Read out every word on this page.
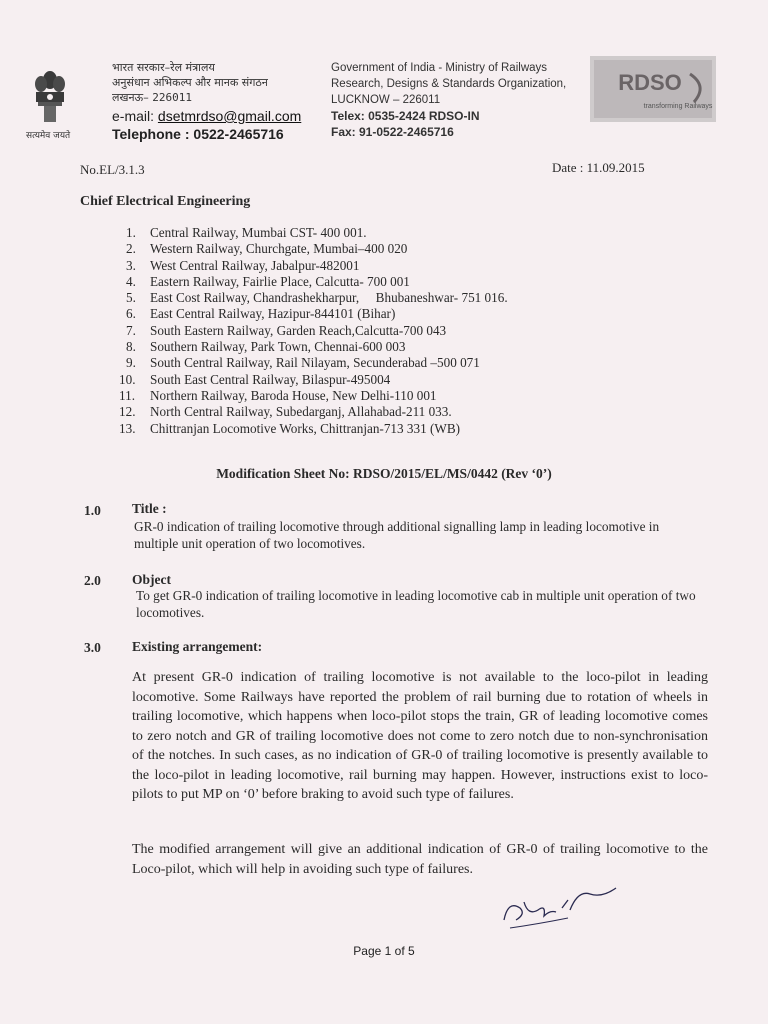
सत्यमेव जयते
भारत सरकार–रेल मंत्रालय
अनुसंधान अभिकल्प और मानक संगठन
लखनऊ– 226011
e-mail: dsetmrdso@gmail.com
Telephone : 0522-2465716
Government of India - Ministry of Railways
Research, Designs & Standards Organization,
LUCKNOW – 226011
Telex: 0535-2424 RDSO-IN
Fax: 91-0522-2465716
RDSO
transforming Railways
No.EL/3.1.3	Date : 11.09.2015
Chief Electrical Engineering
1. Central Railway, Mumbai CST- 400 001.
2. Western Railway, Churchgate, Mumbai–400 020
3. West Central Railway, Jabalpur-482001
4. Eastern Railway, Fairlie Place, Calcutta- 700 001
5. East Cost Railway, Chandrashekharpur,     Bhubaneshwar- 751 016.
6. East Central Railway, Hazipur-844101 (Bihar)
7. South Eastern Railway, Garden Reach,Calcutta-700 043
8. Southern Railway, Park Town, Chennai-600 003
9. South Central Railway, Rail Nilayam, Secunderabad –500 071
10. South East Central Railway, Bilaspur-495004
11. Northern Railway, Baroda House, New Delhi-110 001
12. North Central Railway, Subedarganj, Allahabad-211 033.
13. Chittranjan Locomotive Works, Chittranjan-713 331 (WB)
Modification Sheet No: RDSO/2015/EL/MS/0442 (Rev ‘0’)
1.0 Title :
GR-0 indication of trailing locomotive through additional signalling lamp in leading locomotive in multiple unit operation of two locomotives.
2.0 Object
To get GR-0 indication of trailing locomotive in leading locomotive cab in multiple unit operation of two locomotives.
3.0 Existing arrangement:
At present GR-0 indication of trailing locomotive is not available to the loco-pilot in leading locomotive. Some Railways have reported the problem of rail burning due to rotation of wheels in trailing locomotive, which happens when loco-pilot stops the train, GR of leading locomotive comes to zero notch and GR of trailing locomotive does not come to zero notch due to non-synchronisation of the notches. In such cases, as no indication of GR-0 of trailing locomotive is presently available to the loco-pilot in leading locomotive, rail burning may happen. However, instructions exist to loco-pilots to put MP on ‘0’ before braking to avoid such type of failures.
The modified arrangement will give an additional indication of GR-0 of trailing locomotive to the Loco-pilot, which will help in avoiding such type of failures.
Page 1 of 5
